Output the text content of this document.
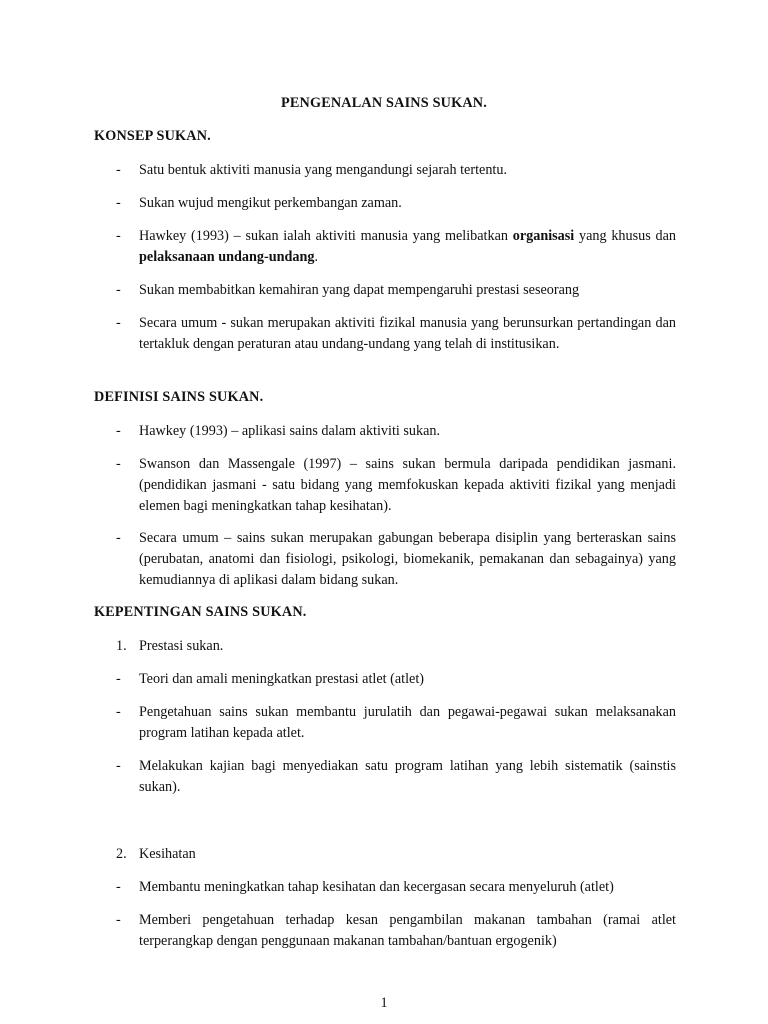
PENGENALAN SAINS SUKAN.
KONSEP SUKAN.
- Satu bentuk aktiviti manusia yang mengandungi sejarah tertentu.
- Sukan wujud mengikut perkembangan zaman.
- Hawkey (1993) – sukan ialah aktiviti manusia yang melibatkan organisasi yang khusus dan pelaksanaan undang-undang.
- Sukan membabitkan kemahiran yang dapat mempengaruhi prestasi seseorang
- Secara umum - sukan merupakan aktiviti fizikal manusia yang berunsurkan pertandingan dan tertakluk dengan peraturan atau undang-undang yang telah di institusikan.
DEFINISI SAINS SUKAN.
- Hawkey (1993) – aplikasi sains dalam aktiviti sukan.
- Swanson dan Massengale (1997) – sains sukan bermula daripada pendidikan jasmani. (pendidikan jasmani - satu bidang yang memfokuskan kepada aktiviti fizikal yang menjadi elemen bagi meningkatkan tahap kesihatan).
- Secara umum – sains sukan merupakan gabungan beberapa disiplin yang berteraskan sains (perubatan, anatomi dan fisiologi, psikologi, biomekanik, pemakanan dan sebagainya) yang kemudiannya di aplikasi dalam bidang sukan.
KEPENTINGAN SAINS SUKAN.
1. Prestasi sukan.
- Teori dan amali meningkatkan prestasi atlet (atlet)
- Pengetahuan sains sukan membantu jurulatih dan pegawai-pegawai sukan melaksanakan program latihan kepada atlet.
- Melakukan kajian bagi menyediakan satu program latihan yang lebih sistematik (sainstis sukan).
2. Kesihatan
- Membantu meningkatkan tahap kesihatan dan kecergasan secara menyeluruh (atlet)
- Memberi pengetahuan terhadap kesan pengambilan makanan tambahan (ramai atlet terperangkap dengan penggunaan makanan tambahan/bantuan ergogenik)
1
